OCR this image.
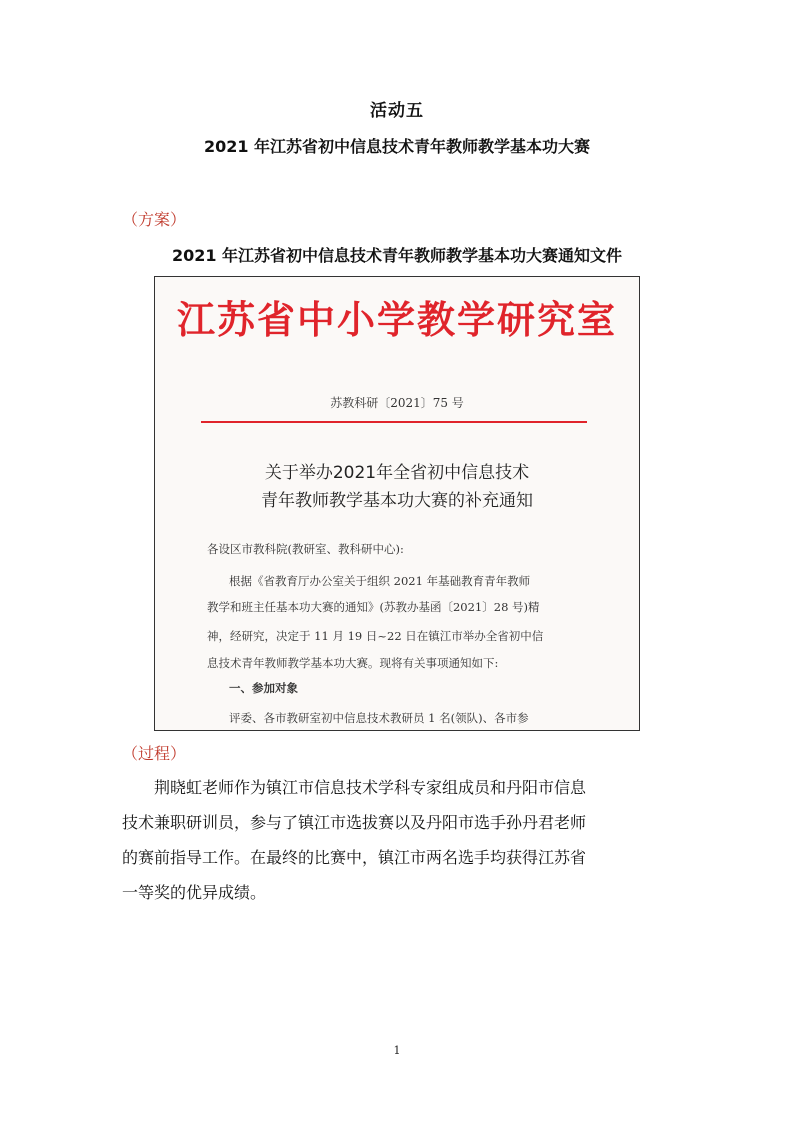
活动五
2021 年江苏省初中信息技术青年教师教学基本功大赛
（方案）
2021 年江苏省初中信息技术青年教师教学基本功大赛通知文件
江苏省中小学教学研究室
苏教科研〔2021〕75 号
关于举办2021年全省初中信息技术
青年教师教学基本功大赛的补充通知
各设区市教科院(教研室、教科研中心):
根据《省教育厅办公室关于组织 2021 年基础教育青年教师
教学和班主任基本功大赛的通知》(苏教办基函〔2021〕28 号)精
神，经研究，决定于 11 月 19 日~22 日在镇江市举办全省初中信
息技术青年教师教学基本功大赛。现将有关事项通知如下:
一、参加对象
评委、各市教研室初中信息技术教研员 1 名(领队)、各市参
（过程）
荆晓虹老师作为镇江市信息技术学科专家组成员和丹阳市信息
技术兼职研训员，参与了镇江市选拔赛以及丹阳市选手孙丹君老师
的赛前指导工作。在最终的比赛中，镇江市两名选手均获得江苏省
一等奖的优异成绩。
1
